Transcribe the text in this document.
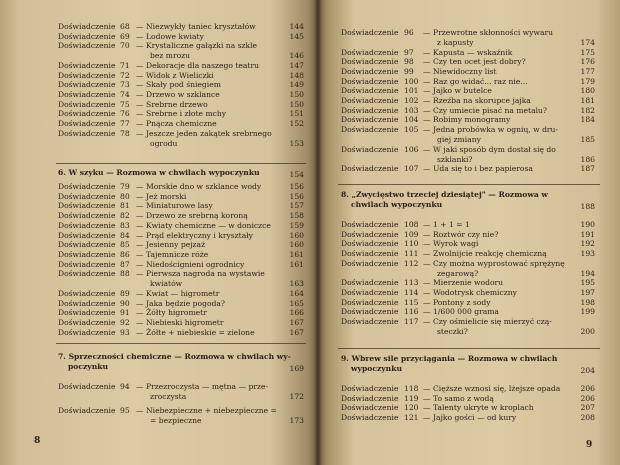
Doświadczenie 68 — Niezwykły taniec kryształów	144
Doświadczenie 69 — Lodowe kwiaty	145
Doświadczenie 70 — Krystaliczne gałązki na szkle
bez mrozu	146
Doświadczenie 71 — Dekoracje dla naszego teatru	147
Doświadczenie 72 — Widok z Wieliczki	148
Doświadczenie 73 — Skały pod śniegiem	149
Doświadczenie 74 — Drzewo w szklance	150
Doświadczenie 75 — Srebrne drzewo	150
Doświadczenie 76 — Srebrne i złote mchy	151
Doświadczenie 77 — Pnącza chemiczne	152
Doświadczenie 78 — Jeszcze jeden zakątek srebrnego
ogrodu	153
6. W szyku — Rozmowa w chwilach wypoczynku	154
Doświadczenie 79 — Morskie dno w szklance wody	156
Doświadczenie 80 — Jeż morski	156
Doświadczenie 81 — Miniaturowe lasy	157
Doświadczenie 82 — Drzewo ze srebrną koroną	158
Doświadczenie 83 — Kwiaty chemiczne — w doniczce	159
Doświadczenie 84 — Prąd elektryczny i kryształy	160
Doświadczenie 85 — Jesienny pejzaż	160
Doświadczenie 86 — Tajemnicze róże	161
Doświadczenie 87 — Niedoścignieni ogrodnicy	161
Doświadczenie 88 — Pierwsza nagroda na wystawie
kwiatów	163
Doświadczenie 89 — Kwiat — higrometr	164
Doświadczenie 90 — Jaka będzie pogoda?	165
Doświadczenie 91 — Żółty higrometr	166
Doświadczenie 92 — Niebieski higrometr	167
Doświadczenie 93 — Żółte + niebieskie = zielone	167
7. Sprzeczności chemiczne — Rozmowa w chwilach wy-
poczynku	169
Doświadczenie 94 — Przezroczysta — mętna — prze-
zroczysta	172
Doświadczenie 95 — Niebezpieczne + niebezpieczne =
= bezpieczne	173
8
Doświadczenie 96 — Przewrotne skłonności wywaru
z kapusty	174
Doświadczenie 97 — Kapusta — wskaźnik	175
Doświadczenie 98 — Czy ten ocet jest dobry?	176
Doświadczenie 99 — Niewidoczny list	177
Doświadczenie 100 — Raz go widać... raz nie...	179
Doświadczenie 101 — Jajko w butelce	180
Doświadczenie 102 — Rzeźba na skorupce jajka	181
Doświadczenie 103 — Czy umiecie pisać na metalu?	182
Doświadczenie 104 — Robimy monogramy	184
Doświadczenie 105 — Jedna probówka w ognių, w dru-
giej zmiany	185
Doświadczenie 106 — W jaki sposób dym dostał się do
szklanki?	186
Doświadczenie 107 — Uda się to i bez papierosa	187
8. „Zwycięstwo trzeciej dziesiątej" — Rozmowa w
chwilach wypoczynku	188
Doświadczenie 108 — 1 + 1 = 1	190
Doświadczenie 109 — Roztwór czy nie?	191
Doświadczenie 110 — Wyrok wagi	192
Doświadczenie 111 — Zwolnijcie reakcję chemiczną	193
Doświadczenie 112 — Czy można wyprostować sprężynę
zegarową?	194
Doświadczenie 113 — Mierzenie wodoru	195
Doświadczenie 114 — Wodotrysk chemiczny	197
Doświadczenie 115 — Pontony z sody	198
Doświadczenie 116 — 1/600 000 grama	199
Doświadczenie 117 — Czy ośmielicie się mierzyć czą-
steczki?	200
9. Wbrew sile przyciągania — Rozmowa w chwilach
wypoczynku	204
Doświadczenie 118 — Cięższe wznosi się, lżejsze opada	206
Doświadczenie 119 — To samo z wodą	206
Doświadczenie 120 — Talenty ukryte w kroplach	207
Doświadczenie 121 — Jajko gości — od kury	208
9
